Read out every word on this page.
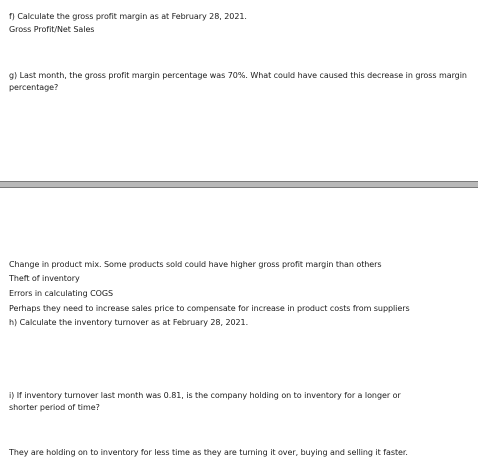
f) Calculate the gross profit margin as at February 28, 2021.
Gross Profit/Net Sales
g) Last month, the gross profit margin percentage was 70%. What could have caused this decrease in gross margin
percentage?
Change in product mix. Some products sold could have higher gross profit margin than others
Theft of inventory
Errors in calculating COGS
Perhaps they need to increase sales price to compensate for increase in product costs from suppliers
h) Calculate the inventory turnover as at February 28, 2021.
i) If inventory turnover last month was 0.81, is the company holding on to inventory for a longer or
shorter period of time?
They are holding on to inventory for less time as they are turning it over, buying and selling it faster.
